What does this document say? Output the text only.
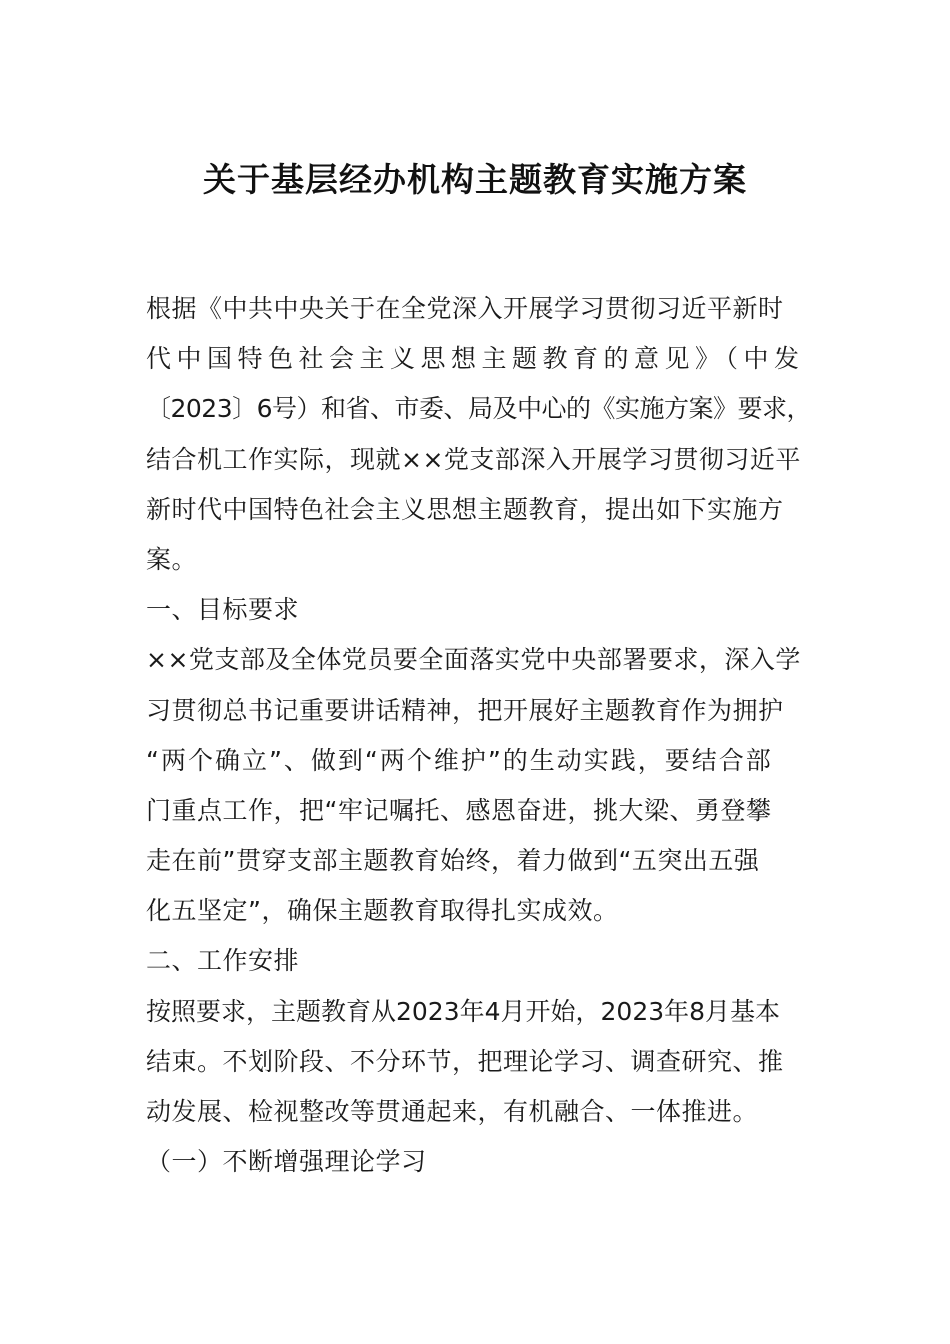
关于基层经办机构主题教育实施方案
根据《中共中央关于在全党深入开展学习贯彻习近平新时
代中国特色社会主义思想主题教育的意见》（中发
〔2023〕6号）和省、市委、局及中心的《实施方案》要求，
结合机工作实际，现就××党支部深入开展学习贯彻习近平
新时代中国特色社会主义思想主题教育，提出如下实施方
案。
一、目标要求
××党支部及全体党员要全面落实党中央部署要求，深入学
习贯彻总书记重要讲话精神，把开展好主题教育作为拥护
“两个确立”、做到“两个维护”的生动实践，要结合部
门重点工作，把“牢记嘱托、感恩奋进，挑大梁、勇登攀
走在前”贯穿支部主题教育始终，着力做到“五突出五强
化五坚定”，确保主题教育取得扎实成效。
二、工作安排
按照要求，主题教育从2023年4月开始，2023年8月基本
结束。不划阶段、不分环节，把理论学习、调查研究、推
动发展、检视整改等贯通起来，有机融合、一体推进。
（一）不断增强理论学习
